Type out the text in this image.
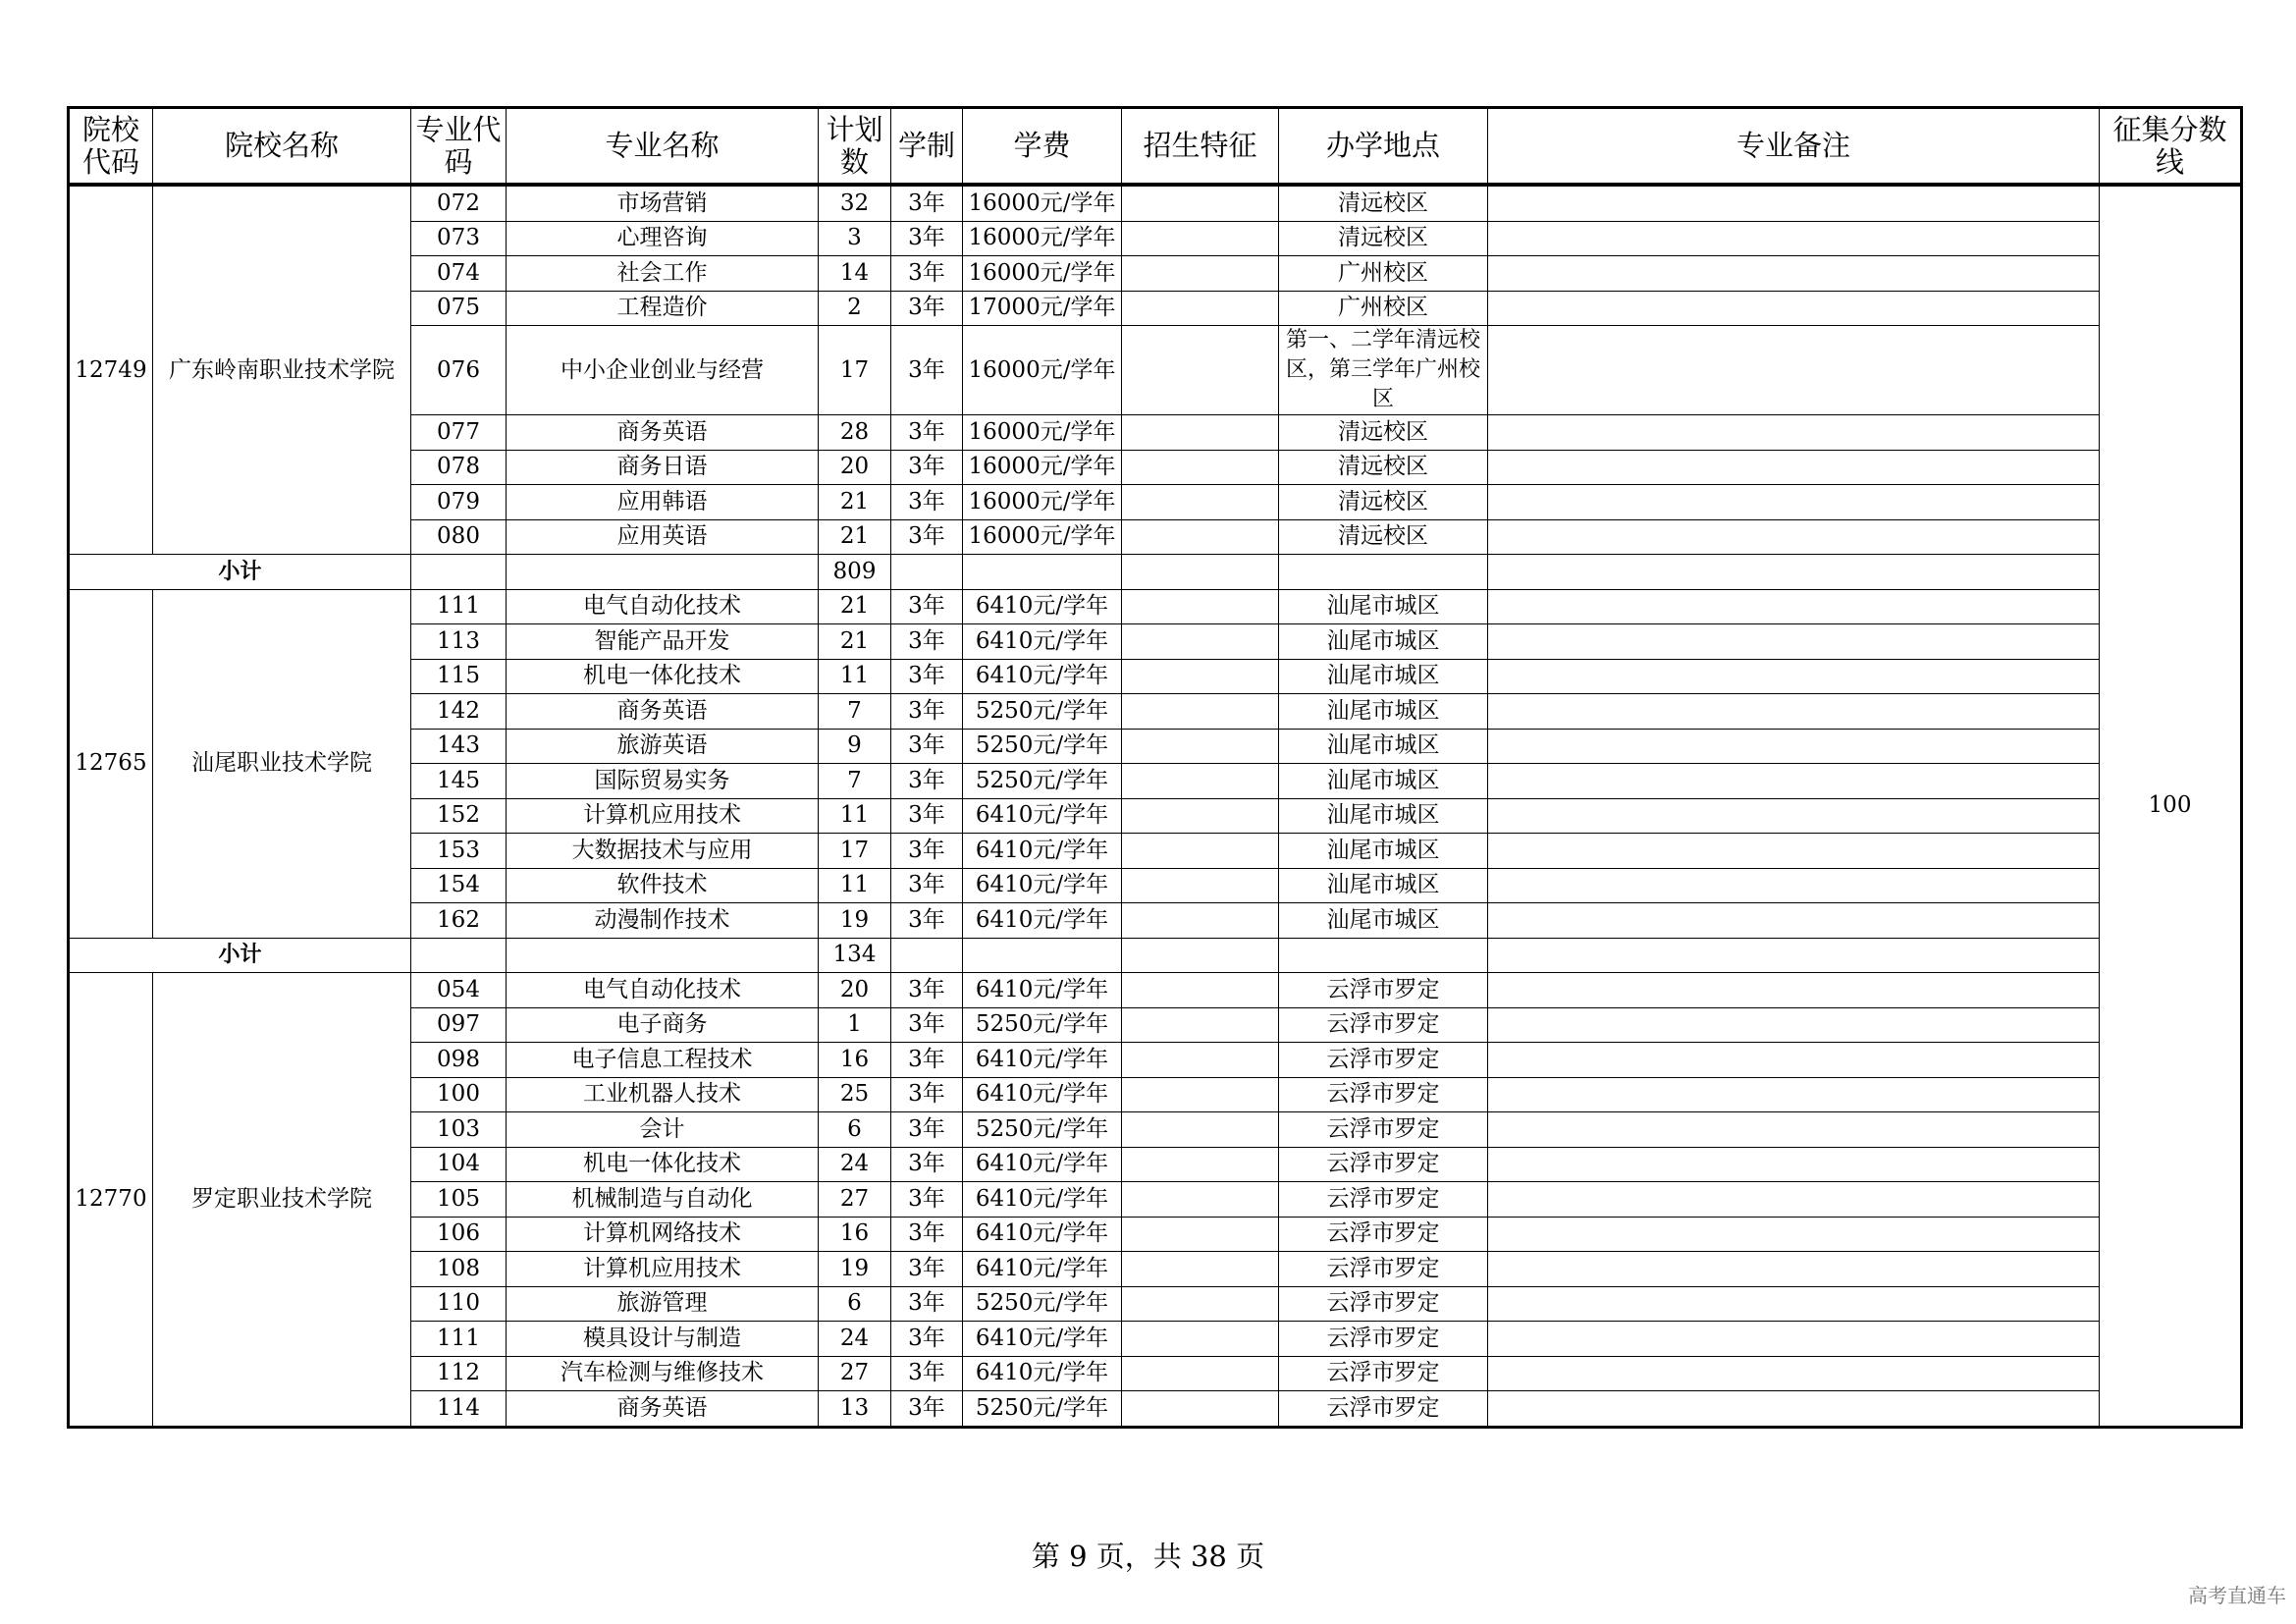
院校代码	院校名称	专业代码	专业名称	计划数	学制	学费	招生特征	办学地点	专业备注	征集分数线
12749	广东岭南职业技术学院	072	市场营销	32	3年	16000元/学年		清远校区		100
		073	心理咨询	3	3年	16000元/学年		清远校区		
		074	社会工作	14	3年	16000元/学年		广州校区		
		075	工程造价	2	3年	17000元/学年		广州校区		
		076	中小企业创业与经营	17	3年	16000元/学年		第一、二学年清远校区，第三学年广州校区		
		077	商务英语	28	3年	16000元/学年		清远校区		
		078	商务日语	20	3年	16000元/学年		清远校区		
		079	应用韩语	21	3年	16000元/学年		清远校区		
		080	应用英语	21	3年	16000元/学年		清远校区		
小计				809						
12765	汕尾职业技术学院	111	电气自动化技术	21	3年	6410元/学年		汕尾市城区		
		113	智能产品开发	21	3年	6410元/学年		汕尾市城区		
		115	机电一体化技术	11	3年	6410元/学年		汕尾市城区		
		142	商务英语	7	3年	5250元/学年		汕尾市城区		
		143	旅游英语	9	3年	5250元/学年		汕尾市城区		
		145	国际贸易实务	7	3年	5250元/学年		汕尾市城区		
		152	计算机应用技术	11	3年	6410元/学年		汕尾市城区		
		153	大数据技术与应用	17	3年	6410元/学年		汕尾市城区		
		154	软件技术	11	3年	6410元/学年		汕尾市城区		
		162	动漫制作技术	19	3年	6410元/学年		汕尾市城区		
小计				134						
12770	罗定职业技术学院	054	电气自动化技术	20	3年	6410元/学年		云浮市罗定		
		097	电子商务	1	3年	5250元/学年		云浮市罗定		
		098	电子信息工程技术	16	3年	6410元/学年		云浮市罗定		
		100	工业机器人技术	25	3年	6410元/学年		云浮市罗定		
		103	会计	6	3年	5250元/学年		云浮市罗定		
		104	机电一体化技术	24	3年	6410元/学年		云浮市罗定		
		105	机械制造与自动化	27	3年	6410元/学年		云浮市罗定		
		106	计算机网络技术	16	3年	6410元/学年		云浮市罗定		
		108	计算机应用技术	19	3年	6410元/学年		云浮市罗定		
		110	旅游管理	6	3年	5250元/学年		云浮市罗定		
		111	模具设计与制造	24	3年	6410元/学年		云浮市罗定		
		112	汽车检测与维修技术	27	3年	6410元/学年		云浮市罗定		
		114	商务英语	13	3年	5250元/学年		云浮市罗定		
第 9 页，共 38 页
高考直通车
